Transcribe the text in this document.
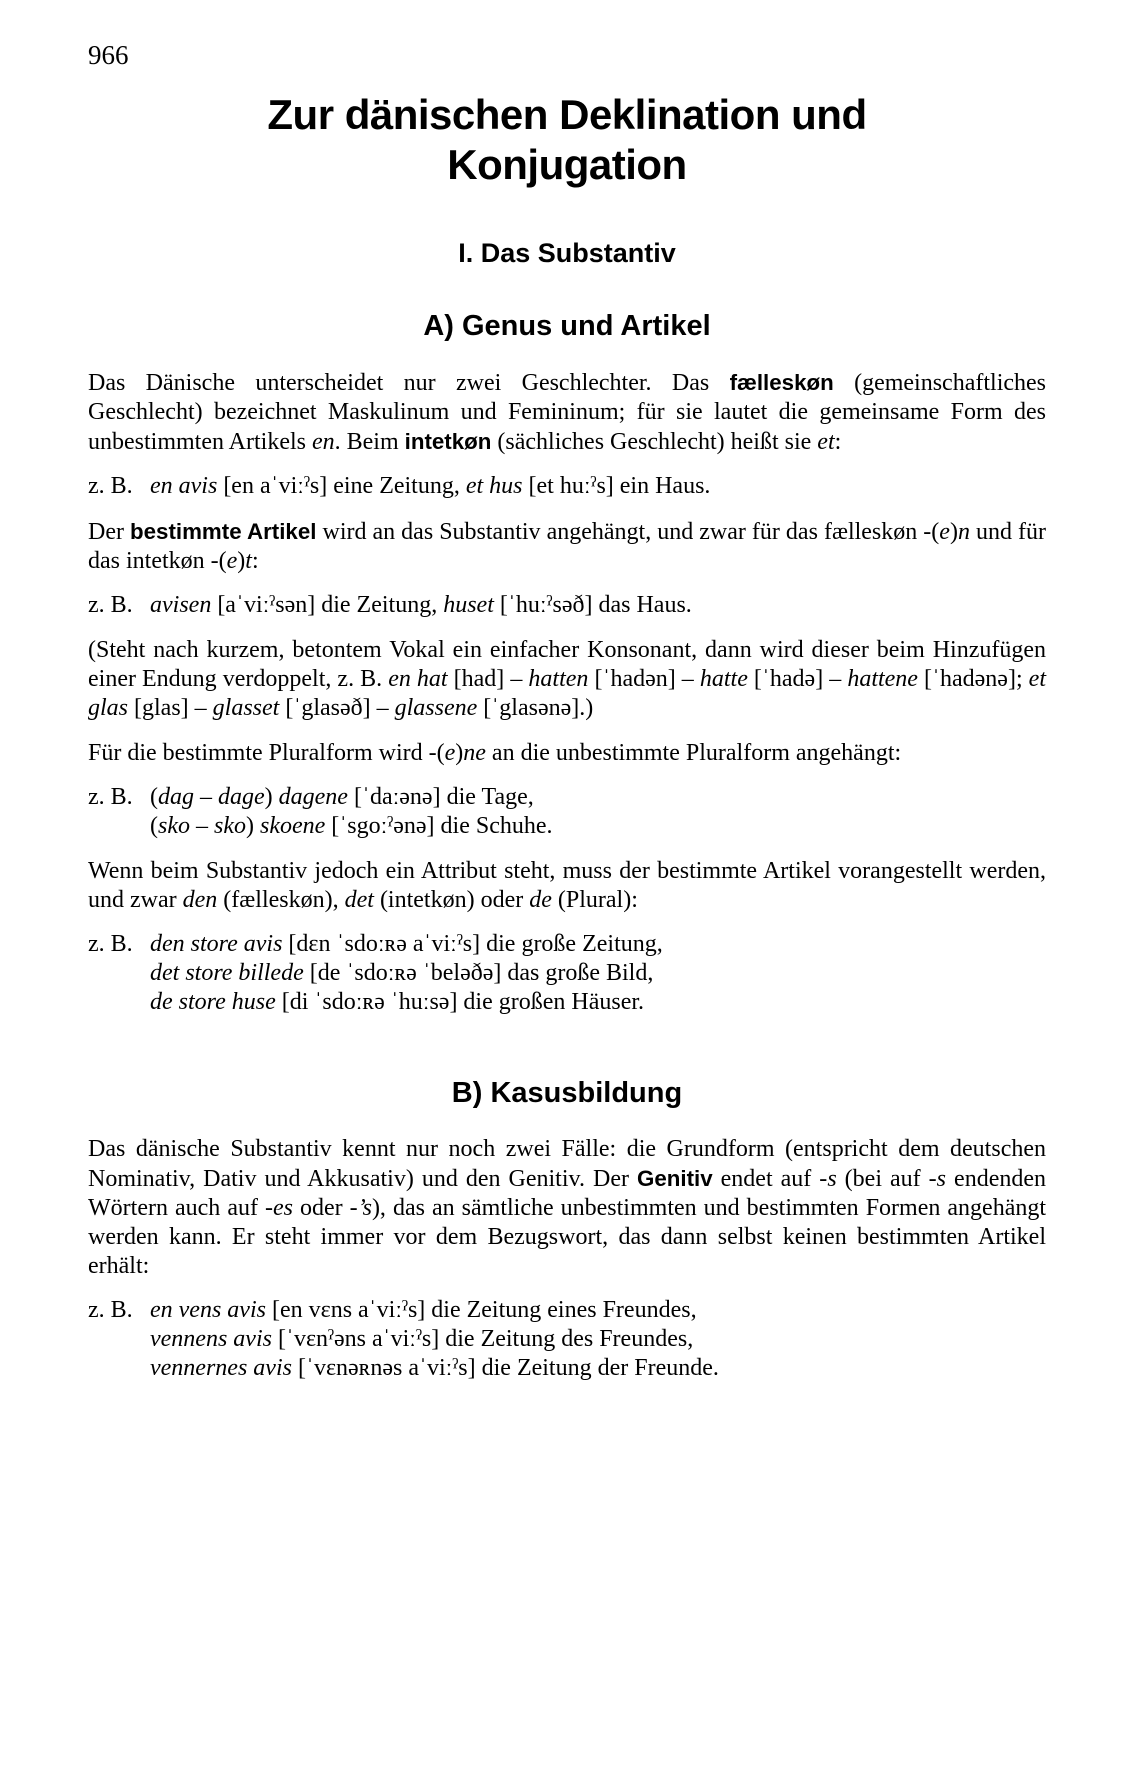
966
Zur dänischen Deklination und
Konjugation
I. Das Substantiv
A) Genus und Artikel

Das Dänische unterscheidet nur zwei Geschlechter. Das fælleskøn (gemeinschaftliches Geschlecht) bezeichnet Maskulinum und Femininum; für sie lautet die gemeinsame Form des unbestimmten Artikels en. Beim intetkøn (sächliches Geschlecht) heißt sie et:

z. B. en avis [en aˈviːˀs] eine Zeitung, et hus [et huːˀs] ein Haus.

Der bestimmte Artikel wird an das Substantiv angehängt, und zwar für das fælleskøn -(e)n und für das intetkøn -(e)t:

z. B. avisen [aˈviːˀsən] die Zeitung, huset [ˈhuːˀsəð] das Haus.

(Steht nach kurzem, betontem Vokal ein einfacher Konsonant, dann wird dieser beim Hinzufügen einer Endung verdoppelt, z. B. en hat [had] – hatten [ˈhadən] – hatte [ˈhadə] – hattene [ˈhadənə]; et glas [glas] – glasset [ˈglasəð] – glassene [ˈglasənə].)

Für die bestimmte Pluralform wird -(e)ne an die unbestimmte Pluralform angehängt:

z. B. (dag – dage) dagene [ˈdaːənə] die Tage,
(sko – sko) skoene [ˈsgoːˀənə] die Schuhe.

Wenn beim Substantiv jedoch ein Attribut steht, muss der bestimmte Artikel vorangestellt werden, und zwar den (fælleskøn), det (intetkøn) oder de (Plural):

z. B. den store avis [dɛn ˈsdoːʀə aˈviːˀs] die große Zeitung,
det store billede [de ˈsdoːʀə ˈbeləðə] das große Bild,
de store huse [di ˈsdoːʀə ˈhuːsə] die großen Häuser.
B) Kasusbildung

Das dänische Substantiv kennt nur noch zwei Fälle: die Grundform (entspricht dem deutschen Nominativ, Dativ und Akkusativ) und den Genitiv. Der Genitiv endet auf -s (bei auf -s endenden Wörtern auch auf -es oder -’s), das an sämtliche unbestimmten und bestimmten Formen angehängt werden kann. Er steht immer vor dem Bezugswort, das dann selbst keinen bestimmten Artikel erhält:

z. B. en vens avis [en vɛns aˈviːˀs] die Zeitung eines Freundes,
vennens avis [ˈvɛnˀəns aˈviːˀs] die Zeitung des Freundes,
vennernes avis [ˈvɛnəʀnəs aˈviːˀs] die Zeitung der Freunde.
